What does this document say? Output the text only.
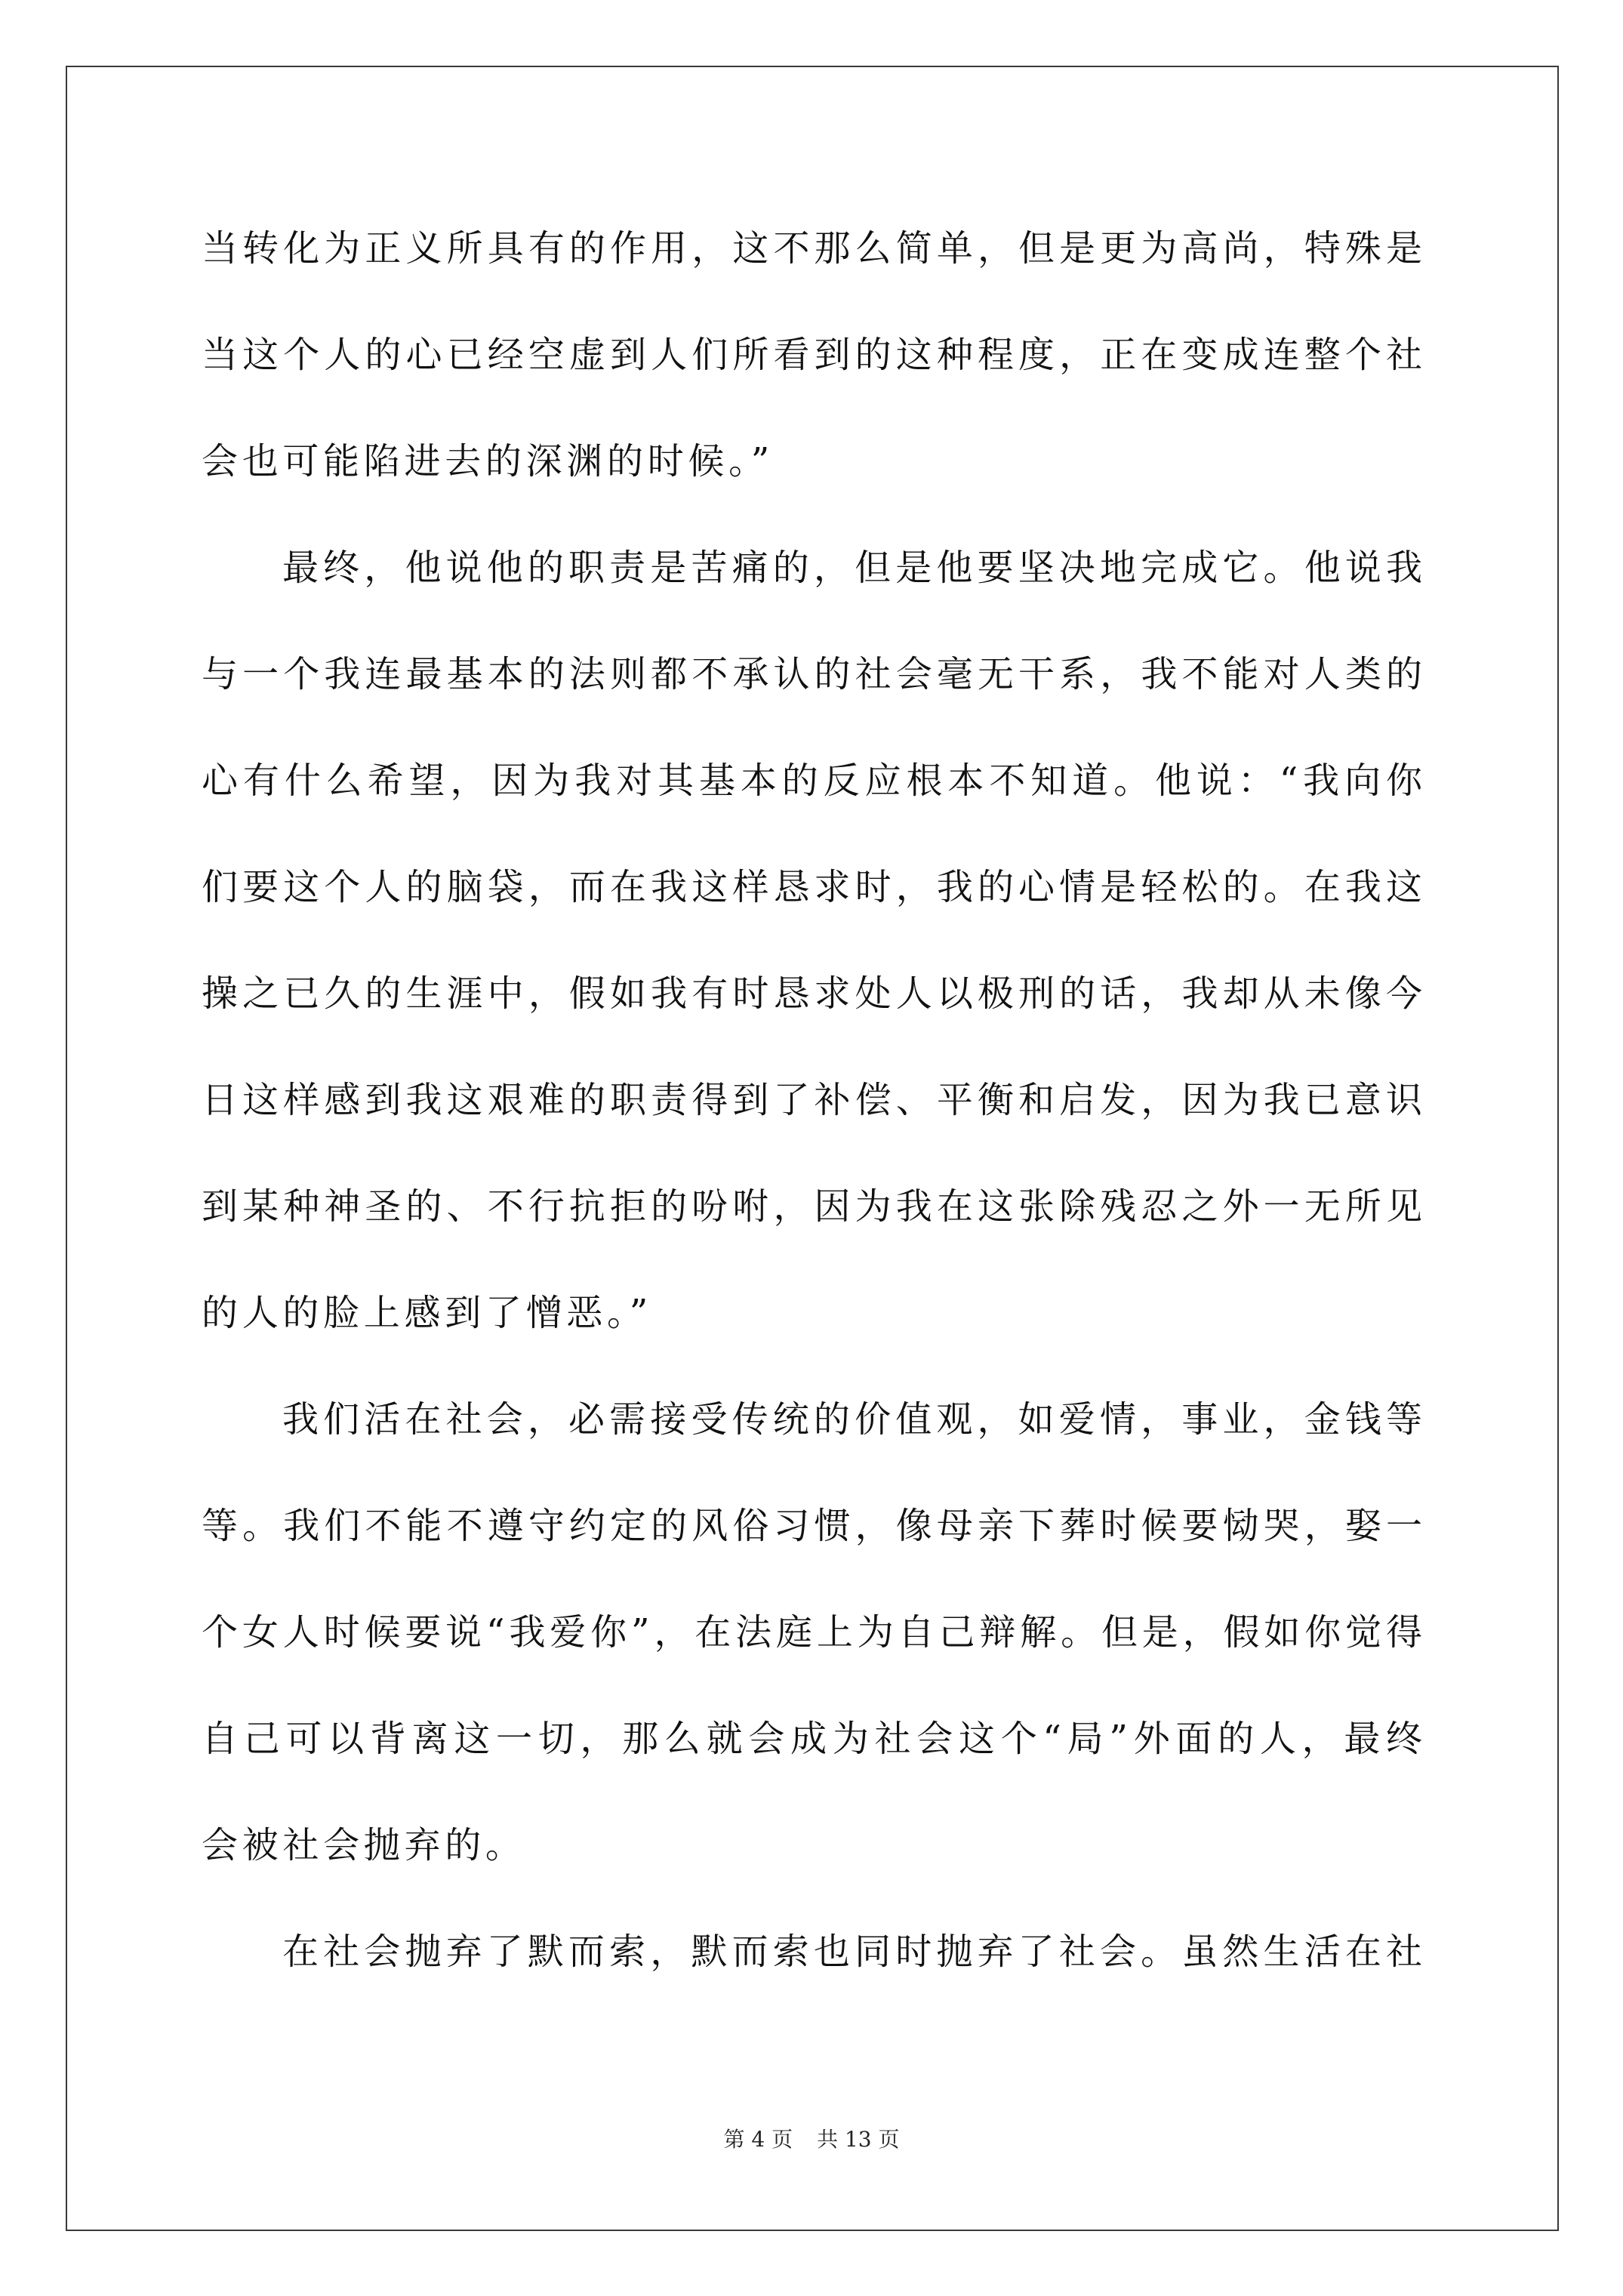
当转化为正义所具有的作用，这不那么简单，但是更为高尚，特殊是
当这个人的心已经空虚到人们所看到的这种程度，正在变成连整个社
会也可能陷进去的深渊的时候。”
最终，他说他的职责是苦痛的，但是他要坚决地完成它。他说我
与一个我连最基本的法则都不承认的社会毫无干系，我不能对人类的
心有什么希望，因为我对其基本的反应根本不知道。他说：“我向你
们要这个人的脑袋，而在我这样恳求时，我的心情是轻松的。在我这
操之已久的生涯中，假如我有时恳求处人以极刑的话，我却从未像今
日这样感到我这艰难的职责得到了补偿、平衡和启发，因为我已意识
到某种神圣的、不行抗拒的吩咐，因为我在这张除残忍之外一无所见
的人的脸上感到了憎恶。”
我们活在社会，必需接受传统的价值观，如爱情，事业，金钱等
等。我们不能不遵守约定的风俗习惯，像母亲下葬时候要恸哭，娶一
个女人时候要说“我爱你”，在法庭上为自己辩解。但是，假如你觉得
自己可以背离这一切，那么就会成为社会这个“局”外面的人，最终
会被社会抛弃的。
在社会抛弃了默而索，默而索也同时抛弃了社会。虽然生活在社
第 4 页 共 13 页
